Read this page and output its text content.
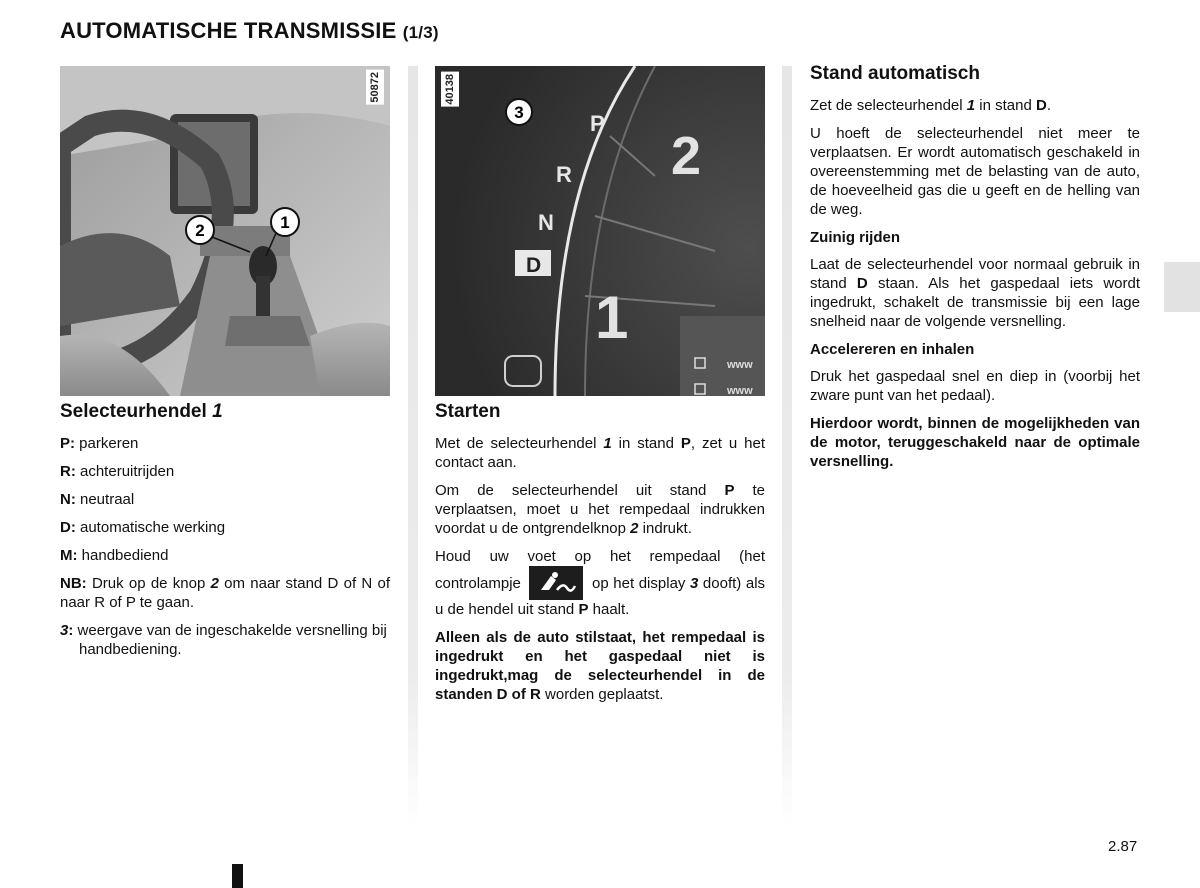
AUTOMATISCHE TRANSMISSIE (1/3)
1
2
50872
P
R
N
D
2
1
www
www
3
40138
Selecteurhendel 1
P: parkeren
R: achteruitrijden
N: neutraal
D: automatische werking
M: handbediend

NB: Druk op de knop 2 om naar stand D of N of naar R of P te gaan.

3: weergave van de ingeschakelde versnelling bij handbediening.

Starten

Met de selecteurhendel 1 in stand P, zet u het contact aan.

Om de selecteurhendel uit stand P te verplaatsen, moet u het rempedaal indrukken voordat u de ontgrendelknop 2 indrukt.

Houd uw voet op het rempedaal (het controlampje	op het display 3 dooft) als u de hendel uit stand P haalt.

Alleen als de auto stilstaat, het rempedaal is ingedrukt en het gaspedaal niet is ingedrukt,mag de selecteurhendel in de standen D of R worden geplaatst.

Stand automatisch

Zet de selecteurhendel 1 in stand D.

U hoeft de selecteurhendel niet meer te verplaatsen. Er wordt automatisch geschakeld in overeenstemming met de belasting van de auto, de hoeveelheid gas die u geeft en de helling van de weg.

Zuinig rijden

Laat de selecteurhendel voor normaal gebruik in stand D staan. Als het gaspedaal iets wordt ingedrukt, schakelt de transmissie bij een lage snelheid naar de volgende versnelling.

Accelereren en inhalen

Druk het gaspedaal snel en diep in (voorbij het zware punt van het pedaal).

Hierdoor wordt, binnen de mogelijkheden van de motor, teruggeschakeld naar de optimale versnelling.

2.87
